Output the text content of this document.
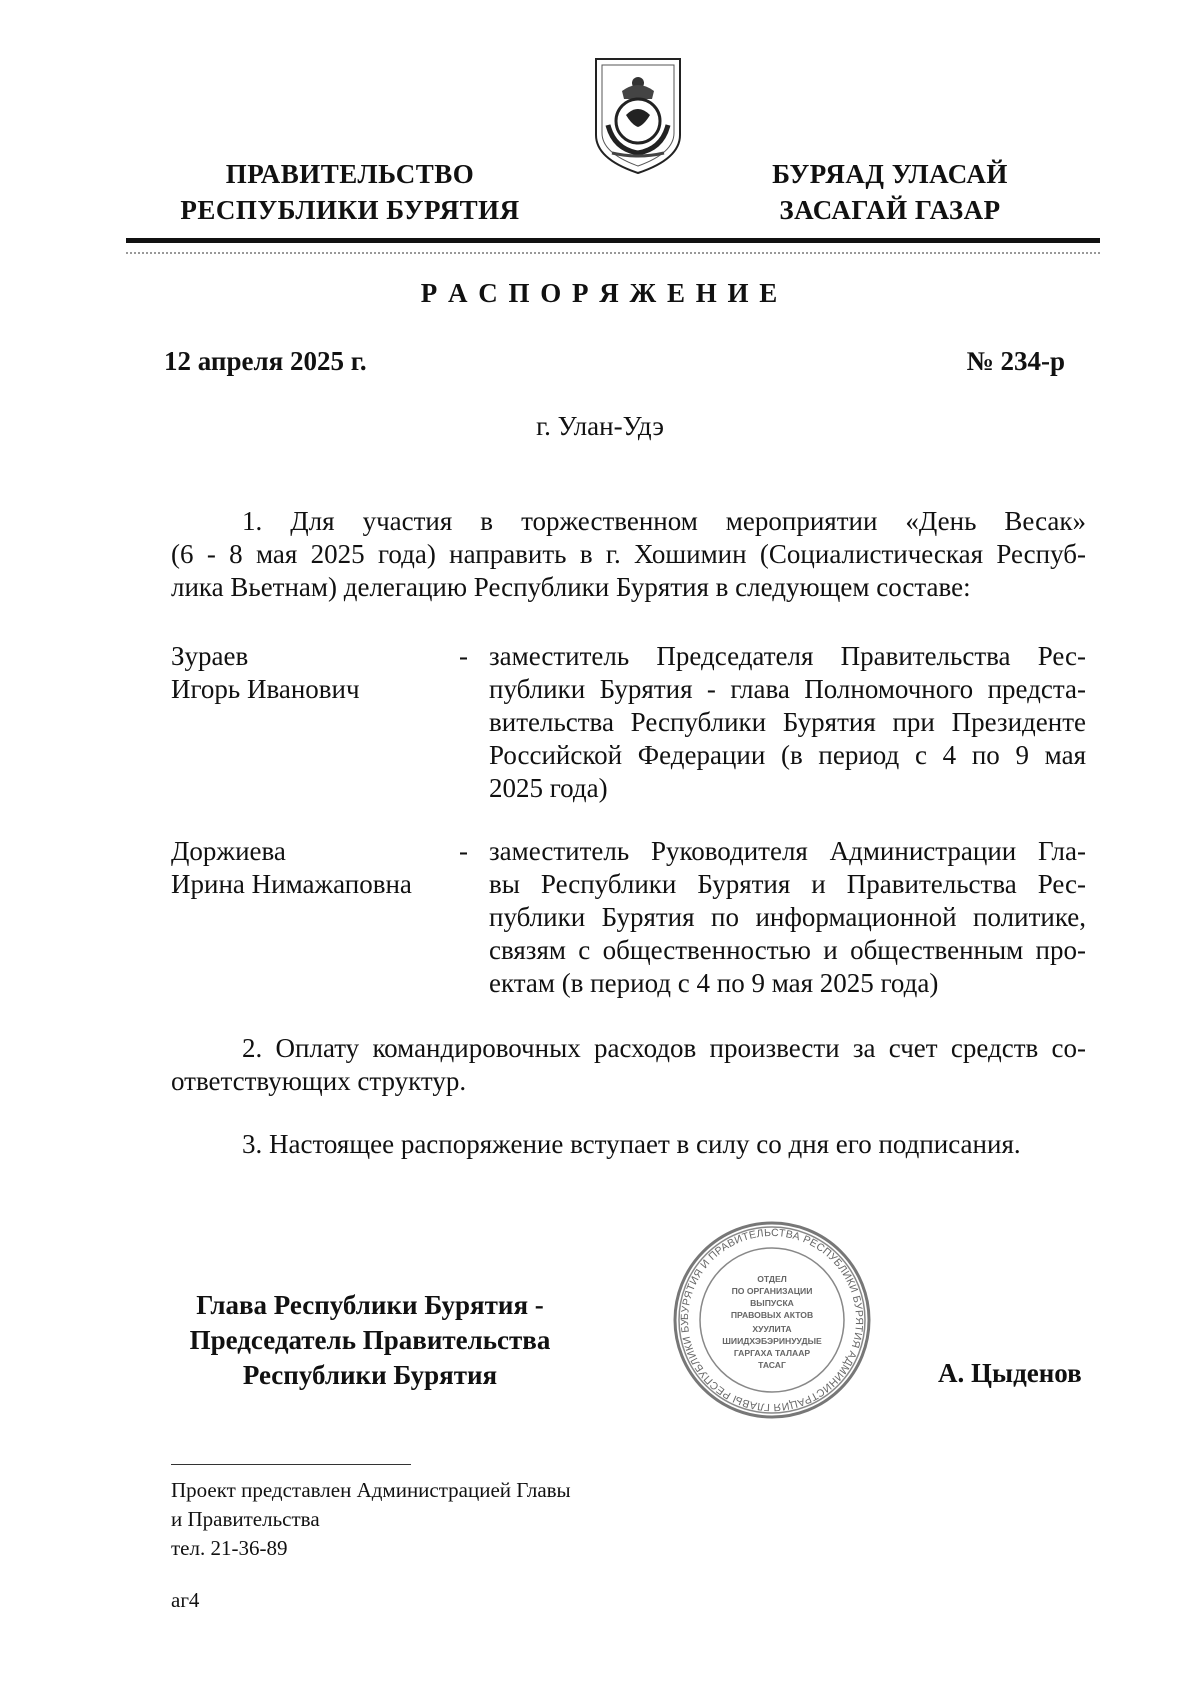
ПРАВИТЕЛЬСТВО
РЕСПУБЛИКИ БУРЯТИЯ
БУРЯАД УЛАСАЙ
ЗАСАГАЙ ГАЗАР
Р А С П О Р Я Ж Е Н И Е
12 апреля 2025 г.	№ 234-р
г. Улан-Удэ
1. Для участия в торжественном мероприятии «День Весак»
(6 - 8 мая 2025 года) направить в г. Хошимин (Социалистическая Респуб-
лика Вьетнам) делегацию Республики Бурятия в следующем составе:
Зураев
Игорь Иванович
- заместитель Председателя Правительства Рес-
публики Бурятия - глава Полномочного предста-
вительства Республики Бурятия при Президенте
Российской Федерации (в период с 4 по 9 мая
2025 года)
Доржиева
Ирина Нимажаповна
- заместитель Руководителя Администрации Гла-
вы Республики Бурятия и Правительства Рес-
публики Бурятия по информационной политике,
связям с общественностью и общественным про-
ектам (в период с 4 по 9 мая 2025 года)
2. Оплату командировочных расходов произвести за счет средств со-
ответствующих структур.
3. Настоящее распоряжение вступает в силу со дня его подписания.
Глава Республики Бурятия -
Председатель Правительства
Республики Бурятия	А. Цыденов
БУРЯТИЯ И ПРАВИТЕЛЬСТВА РЕСПУБЛИКИ БУРЯТИЯ АДМИНИСТРАЦИЯ ГЛАВЫ РЕСПУБЛИКИ БУ
ОТДЕЛ
ПО ОРГАНИЗАЦИИ
ВЫПУСКА
ПРАВОВЫХ АКТОВ
ХУУЛИТА
ШИИДХЭБЭРИНУУДЫЕ
ГАРГАХА ТАЛААР
ТАСАГ
Проект представлен Администрацией Главы
и Правительства
тел. 21-36-89
аг4
